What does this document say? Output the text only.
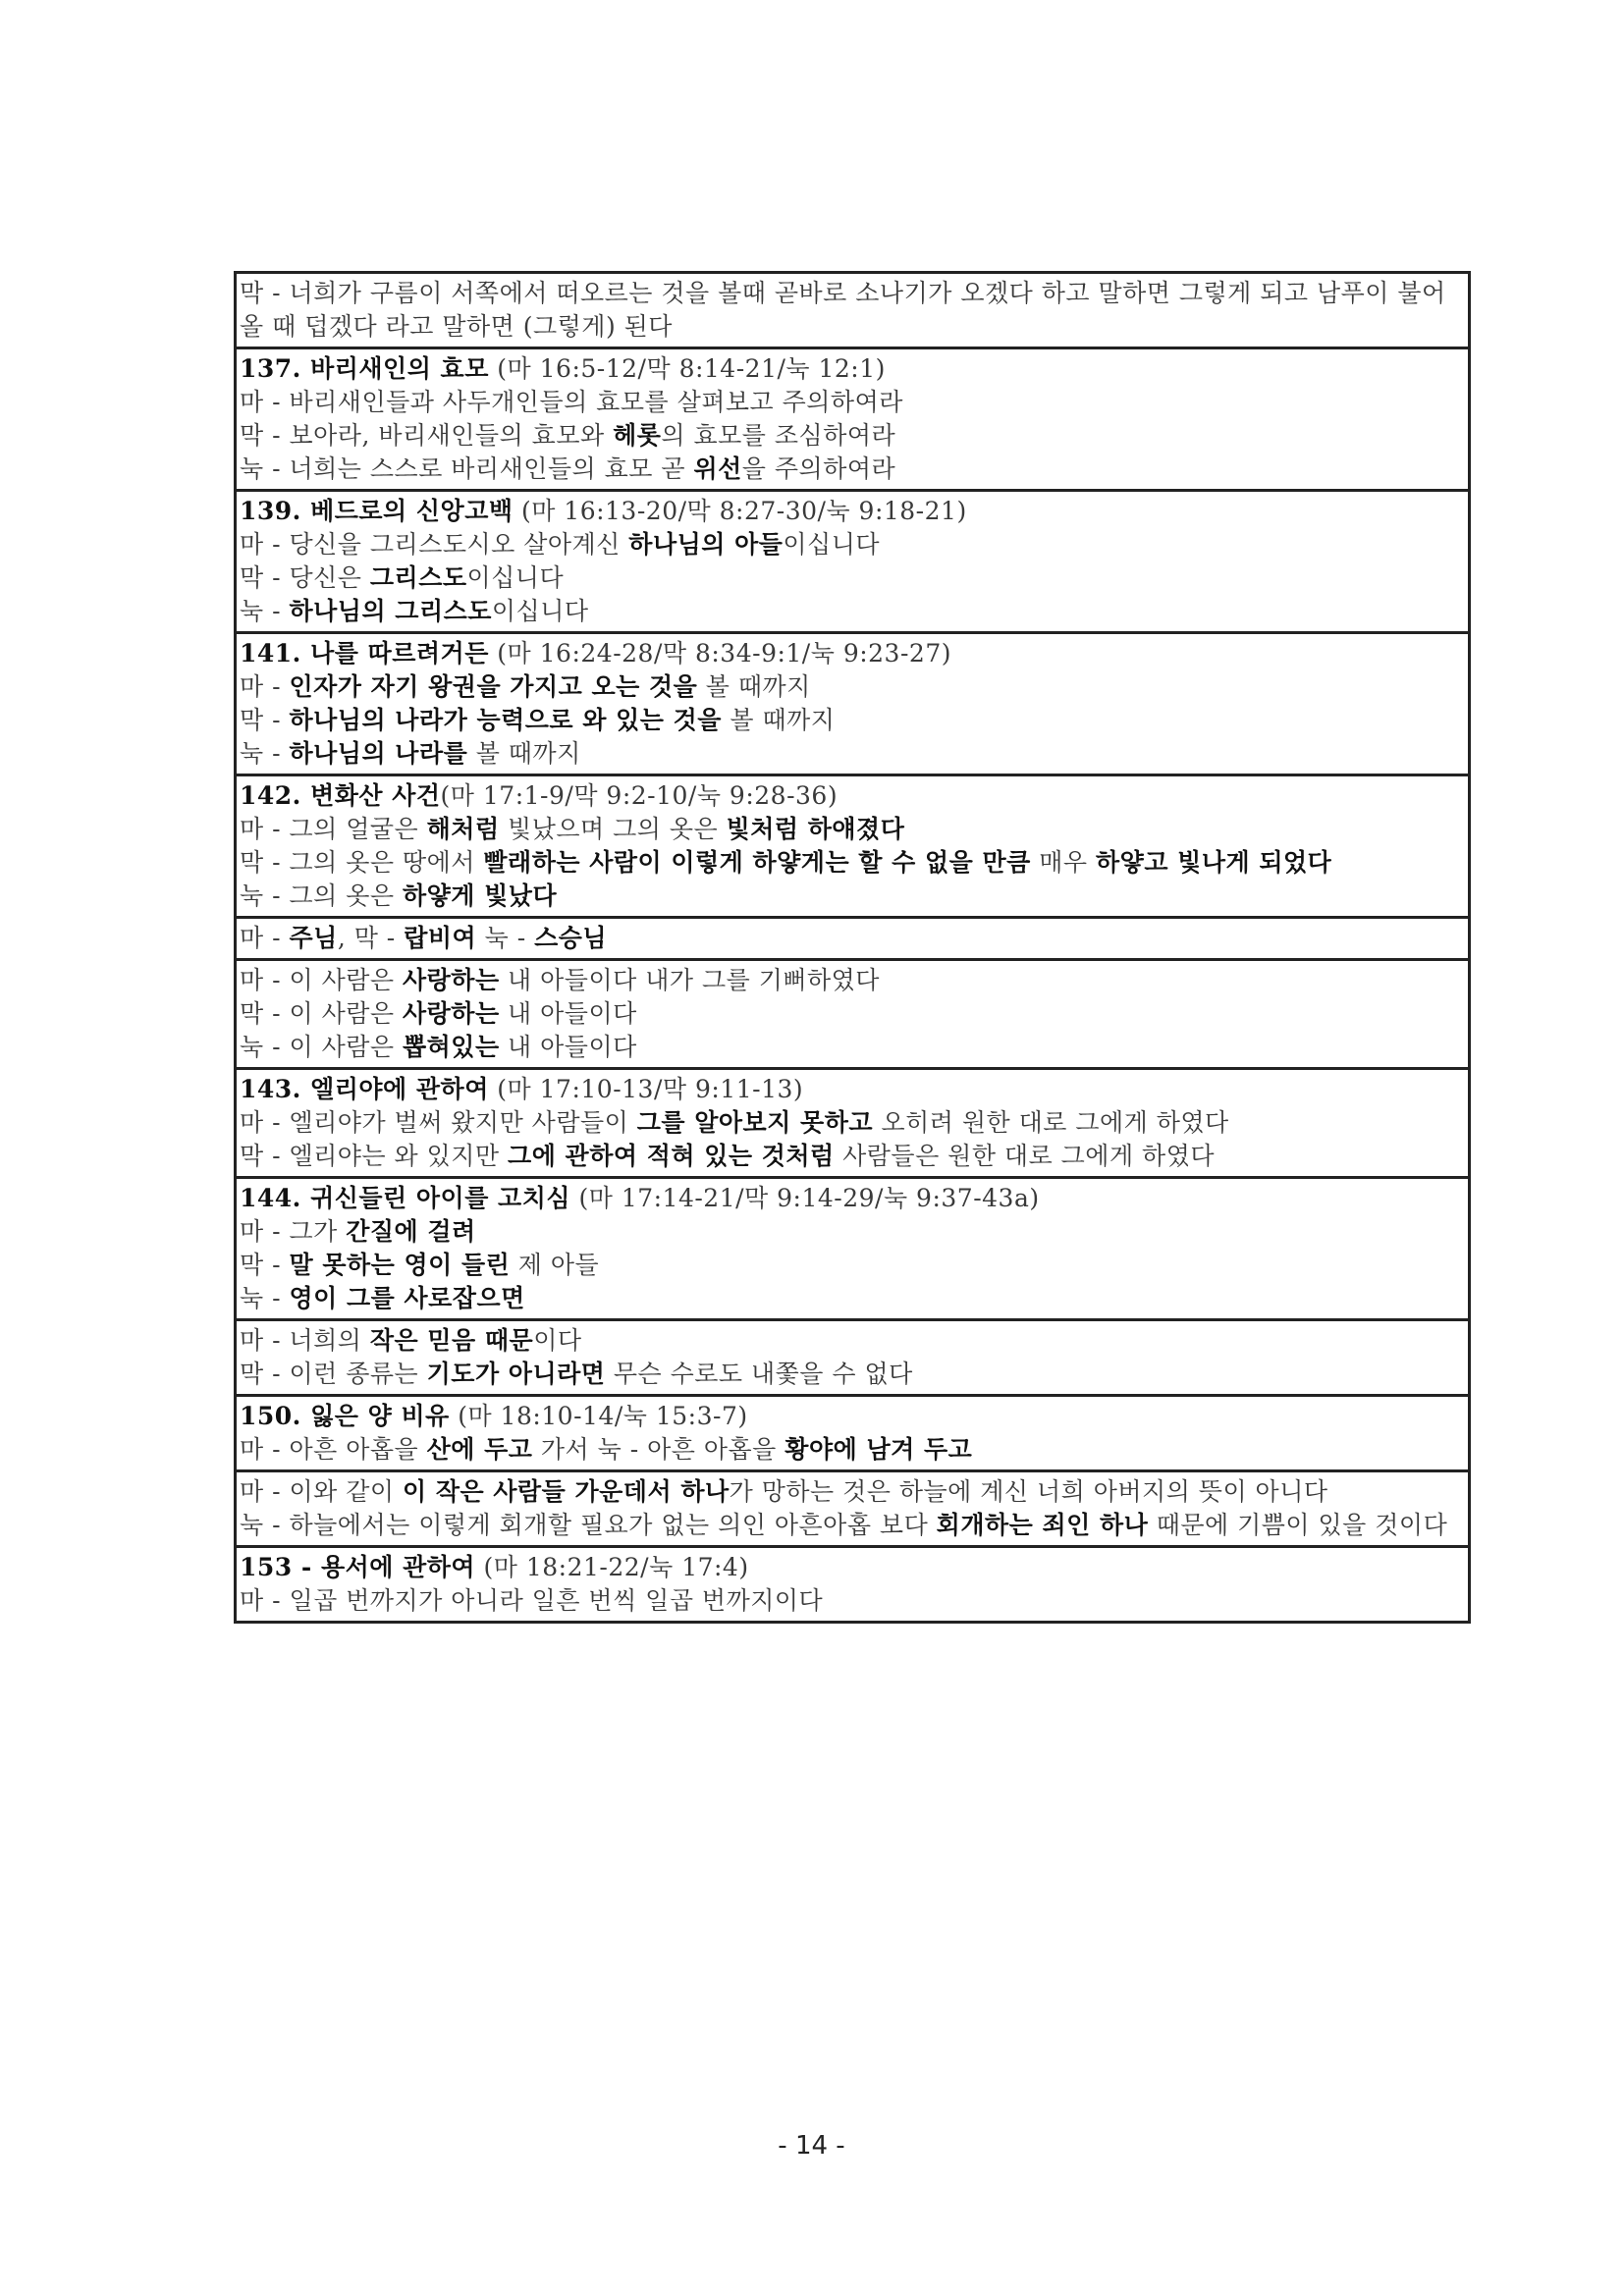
막 - 너희가 구름이 서쪽에서 떠오르는 것을 볼때 곧바로 소나기가 오겠다 하고 말하면 그렇게 되고 남푸이 불어올 때 덥겠다 라고 말하면 (그렇게) 된다

137. 바리새인의 효모 (마 16:5-12/막 8:14-21/눅 12:1)
마 - 바리새인들과 사두개인들의 효모를 살펴보고 주의하여라
막 - 보아라, 바리새인들의 효모와 헤롯의 효모를 조심하여라
눅 - 너희는 스스로 바리새인들의 효모 곧 위선을 주의하여라

139. 베드로의 신앙고백 (마 16:13-20/막 8:27-30/눅 9:18-21)
마 - 당신을 그리스도시오 살아계신 하나님의 아들이십니다
막 - 당신은 그리스도이십니다
눅 - 하나님의 그리스도이십니다

141. 나를 따르려거든 (마 16:24-28/막 8:34-9:1/눅 9:23-27)
마 - 인자가 자기 왕권을 가지고 오는 것을 볼 때까지
막 - 하나님의 나라가 능력으로 와 있는 것을 볼 때까지
눅 - 하나님의 나라를 볼 때까지

142. 변화산 사건(마 17:1-9/막 9:2-10/눅 9:28-36)
마 - 그의 얼굴은 해처럼 빛났으며 그의 옷은 빛처럼 하얘졌다
막 - 그의 옷은 땅에서 빨래하는 사람이 이렇게 하얗게는 할 수 없을 만큼 매우 하얗고 빛나게 되었다
눅 - 그의 옷은 하얗게 빛났다

마 - 주님, 막 - 랍비여 눅 - 스승님

마 - 이 사람은 사랑하는 내 아들이다 내가 그를 기뻐하였다
막 - 이 사람은 사랑하는 내 아들이다
눅 - 이 사람은 뽑혀있는 내 아들이다

143. 엘리야에 관하여 (마 17:10-13/막 9:11-13)
마 - 엘리야가 벌써 왔지만 사람들이 그를 알아보지 못하고 오히려 원한 대로 그에게 하였다
막 - 엘리야는 와 있지만 그에 관하여 적혀 있는 것처럼 사람들은 원한 대로 그에게 하였다

144. 귀신들린 아이를 고치심 (마 17:14-21/막 9:14-29/눅 9:37-43a)
마 - 그가 간질에 걸려
막 - 말 못하는 영이 들린 제 아들
눅 - 영이 그를 사로잡으면

마 - 너희의 작은 믿음 때문이다
막 - 이런 종류는 기도가 아니라면 무슨 수로도 내쫓을 수 없다

150. 잃은 양 비유 (마 18:10-14/눅 15:3-7)
마 - 아흔 아홉을 산에 두고 가서 눅 - 아흔 아홉을 황야에 남겨 두고

마 - 이와 같이 이 작은 사람들 가운데서 하나가 망하는 것은 하늘에 계신 너희 아버지의 뜻이 아니다
눅 - 하늘에서는 이렇게 회개할 필요가 없는 의인 아흔아홉 보다 회개하는 죄인 하나 때문에 기쁨이 있을 것이다

153 - 용서에 관하여 (마 18:21-22/눅 17:4)
마 - 일곱 번까지가 아니라 일흔 번씩 일곱 번까지이다
- 14 -
